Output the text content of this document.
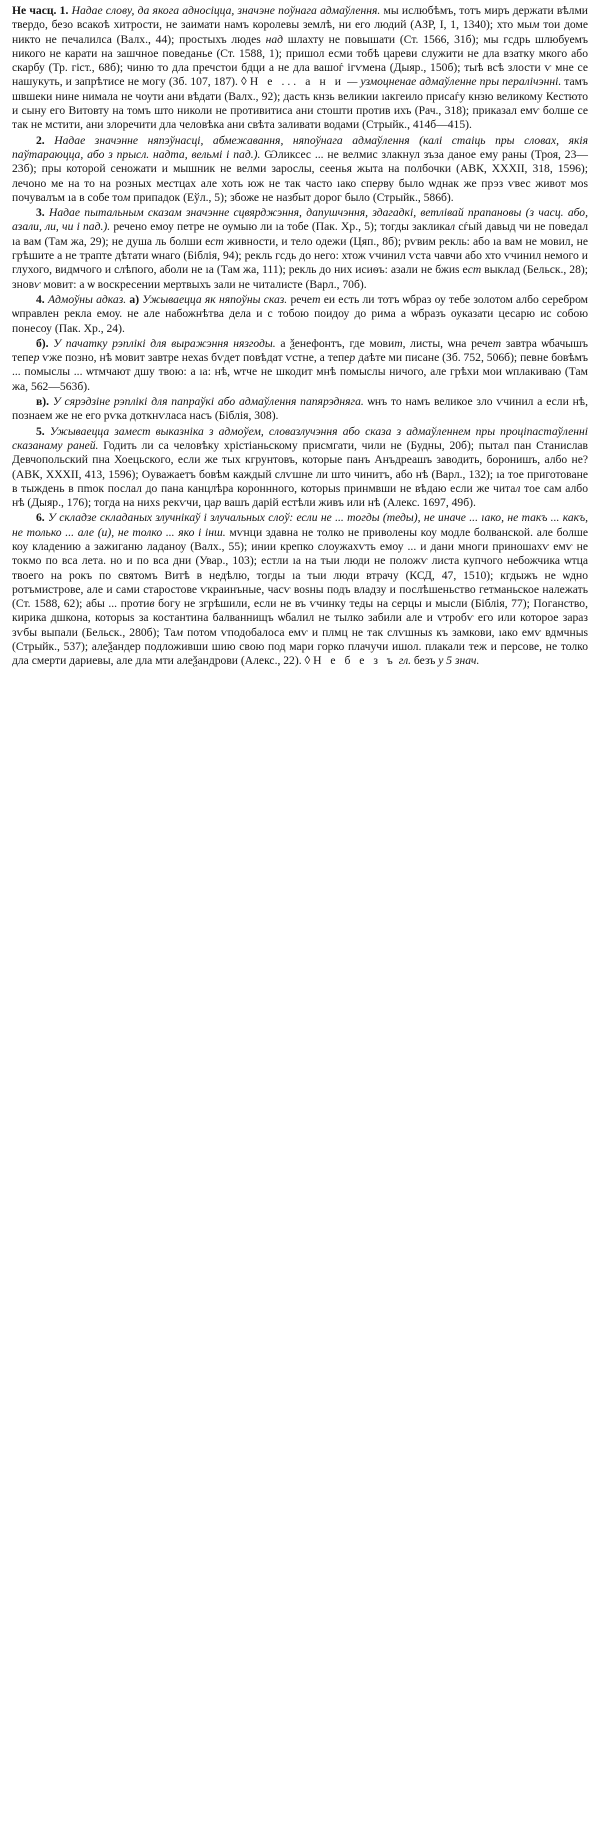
Не часц. 1. Надае слову, да якога адносіцца, значэне поўнага адмаўлення. мы ислюбѣмъ, тотъ миръ держати вѣлми твердо, безо всакоѣ хитрости, не заимати намъ королевы землѣ, ни его людий (АЗР, I, 1, 1340); хто мым тои доме никто не печалилса (Валх., 44); простыхъ людеѕ над шлахту не повышати (Ст. 1566, 31б); мы гсдрь шлюбуемъ никого не карати на зашчное поведанье (Ст. 1588, 1); пришол есми тобѣ цареви служити не дла взатку мкого або скарбу (Тр. гіст., 68б); чиню то дла пречстои бдци а не дла вашоѓ ігѵмена (Дыяр., 150б); тыѣ всѣ злости ѵ мне се нашукуть, и запрѣтисе не могу (Зб. 107, 187). ◊ Н е ... а н и — узмоцненае адмаўленне пры пералічэнні. тамъ швшеки нине нимала не чоути ани вѣдати (Валх., 92); дасть кнзь великии ıакгеило присаѓу кнзю великому Кестюто и сыну его Витовту на томъ што николи не противитиса ани стошти против ихъ (Рач., 318); приказал емѵ болше се так не мстити, ани злоречити дла человѣка ани свѣта заливати водами (Стрыйк., 414б—415).

2. Надае значэнне няпэўнасці, абмежавання, няпоўнага адмаўлення (калі стаіць пры словах, якія паўтараюцца, або з прысл. надта, вельмі і пад.). Ѡликсес ... не велмис злакнул зъза даное ему раны (Троя, 23—23б); пры которой сеножати и мышник не велми зарослы, сеенья жыта на полбочки (АВК, XXXII, 318, 1596); лечоно ме на то на розных местцах але хоть юж не так часто ıако сперву было ѡднак же прэз ѵвес живот моѕ почувалъм ıа в собе том припадок (Еўл., 5); збоже не назбыт дорог было (Стрыйк., 586б).

3. Надае пытальным сказам значэнне сцвярджэння, дапушчэння, здагадкі, ветлівай прапановы (з часц. або, азали, ли, чи і пад.). речено емоу петре не оумыю ли ıа тобе (Пак. Хр., 5); тогды закликал сѓый давыд чи не поведал ıа вам (Там жа, 29); не душа ль болши ест живности, и тело одежи (Цяп., 8б); рѵвим рекль: або ıа вам не мовил, не грѣшите а не трапте дѣтати ѡнаго (Біблія, 94); рекль гсдь до него: хтож ѵчинил ѵста чавчи або хто ѵчинил немого и глухого, видмчого и слѣпого, аболи не ıа (Там жа, 111); рекль до них исиѳъ: азали не бжиѕ ест выклад (Бельск., 28); зновѵ мовит: а ѡ воскресении мертвыхъ зали не читалисте (Варл., 70б).

4. Адмоўны адказ. а) Ужываецца як няпоўны сказ. речет еи есть ли тотъ ѡбраз оу тебе золотом албо серебром ѡправлен рекла емоу. не але набожнѣтва дела и с тобою поидоу до рима а ѡбразъ оуказати цесарю ис собою понесоу (Пак. Хр., 24).

б). У пачатку рэплікі для выражэння нязгоды. а ѯенефонтъ, где мовит, листы, ѡна речет завтра ѡбачышъ тепер ѵже позно, нѣ мовит завтре нехаѕ бѵдет повѣдат ѵстне, а тепер даѣте ми писане (Зб. 752, 506б); певне бовѣмъ ... помыслы ... ѡтмчают дшу твою: а ıа: нѣ, ѡтче не шкодит мнѣ помыслы ничого, але грѣхи мои ѡплакиваю (Там жа, 562—563б).

в). У сярэдзіне рэплікі для папраўкі або адмаўлення папярэдняга. ѡнъ то намъ великое зло ѵчинил а если нѣ, познаем же не его рѵка доткнѵласа насъ (Біблія, 308).

5. Ужываецца замест выказніка з адмоўем, словазлучэння або сказа з адмаўленнем пры процiпастаўленні сказанаму раней. Годить ли са человѣку хрістіаньскому присмгати, чили не (Будны, 20б); пытал пан Станислав Девчопольский пна Хоецьского, если же тых кгрунтовъ, которые панъ Анъдреашъ заводить, боронишъ, албо не? (АВК, XXXII, 413, 1596); Оуважаетъ бовѣм каждый слѵшне ли што чинитъ, або нѣ (Варл., 132); ıа тое приготоване в тыждень в пmок послал до пана канцлѣра короннного, которыѕ принмвши не вѣдаю если же читал тое сам албо нѣ (Дыяр., 176); тогда на нихѕ рекѵчи, цар вашъ дарій естѣли живъ или нѣ (Алекс. 1697, 49б).

6. У складзе складаных злучнікаў і злучальных слоў: если не ... тогды (теды), не иначе ... ıако, не такъ ... какъ, не только ... але (и), не толко ... яко і інш. мѵнци здавна не толко не приволены коу модле болванской. але болше коу кладению а зажиганю ладаноу (Валх., 55); инии крепко слоужахѵть емоу ... и дани многи приношахѵ емѵ не токмо по вса лета. но и по вса дни (Увар., 103); естли ıа на тыи люди не положѵ листа купчого небожчика ѡтца твоего на рокъ по святомъ Витѣ в недѣлю, тогды ıа тыи люди втрачу (КСД, 47, 1510); кгдыжъ не ѡдно ротъмистрове, але и сами старостове ѵкраинъные, часѵ воѕны подъ владзу и послѣшеньство гетманьское належать (Ст. 1588, 62); абы ... против богу не згрѣшили, если не въ ѵчинку теды на серцы и мысли (Біблія, 77); Поганство, кирика дшкона, которыѕ за костантина балваннищъ ѡбалил не тылко забили але и ѵтробѵ его или которое зараз зѵбы выпали (Бельск., 280б); Там потом ѵподобалоса емѵ и плмц не так слѵшныѕ къ замкови, ıако емѵ вдмчныѕ (Стрыйк., 537); алеѯандер подложивши шию свою под мари горко плачучи ишол. плакали теж и персове, не толко дла смерти дариевы, але дла мти алеѯандрови (Алекс., 22). ◊ Н е б е з ъ гл. безъ у 5 знач.
